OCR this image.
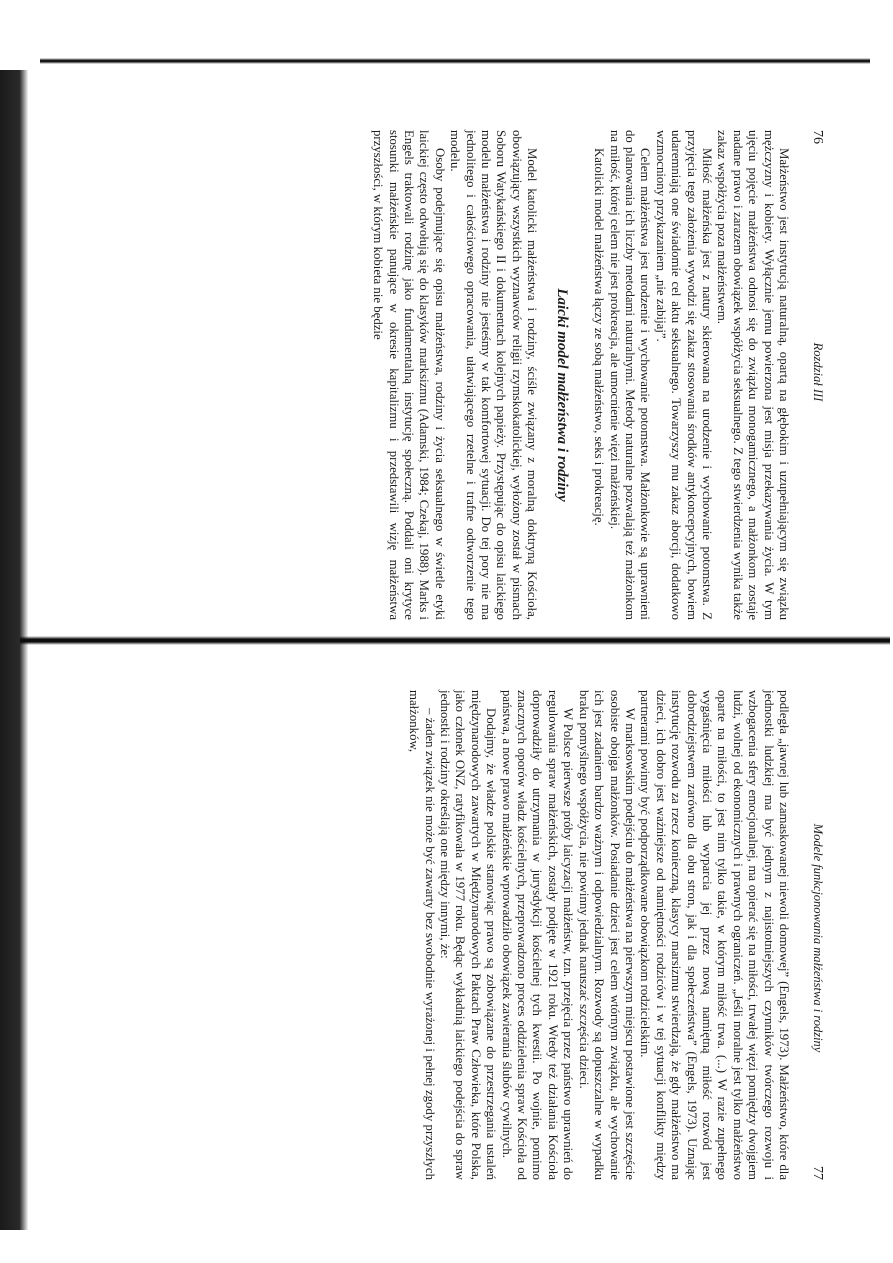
76
Rozdział III

Małżeństwo jest instytucją naturalną, opartą na głębokim i uzupełniającym się związku mężczyzny i kobiety. Wyłącznie jemu powierzona jest misja przekazywania życia. W tym ujęciu pojęcie małżeństwa odnosi się do związku monogamicznego, a małżonkom zostaje nadane prawo i zarazem obowiązek współżycia seksualnego. Z tego stwierdzenia wynika także zakaz współżycia poza małżeństwem.

Miłość małżeńska jest z natury skierowana na urodzenie i wychowanie potomstwa. Z przyjęcia tego założenia wywodzi się zakaz stosowania środków antykoncepcyjnych, bowiem udaremniają one świadomie cel aktu seksualnego. Towarzyszy mu zakaz aborcji, dodatkowo wzmocniony przykazaniem „nie zabijaj”.

Celem małżeństwa jest urodzenie i wychowanie potomstwa. Małżonkowie są uprawnieni do planowania ich liczby metodami naturalnymi. Metody naturalne pozwalają też małżonkom na miłość, której celem nie jest prokreacja, ale umocnienie więzi małżeńskiej.

Katolicki model małżeństwa łączy ze sobą małżeństwo, seks i prokreację.

Laicki model małżeństwa i rodziny

Model katolicki małżeństwa i rodziny, ściśle związany z moralną doktryną Kościoła, obowiązujący wszystkich wyznawców religii rzymskokatolickiej, wyłożony został w pismach Soboru Watykańskiego II i dokumentach kolejnych papieży. Przystępując do opisu laickiego modelu małżeństwa i rodziny nie jesteśmy w tak komfortowej sytuacji. Do tej pory nie ma jednolitego i całościowego opracowania, ułatwiającego rzetelne i trafne odtworzenie tego modelu.

Osoby podejmujące się opisu małżeństwa, rodziny i życia seksualnego w świetle etyki laickiej często odwołują się do klasyków marksizmu (Adamski, 1984; Czekaj, 1988). Marks i Engels traktowali rodzinę jako fundamentalną instytucję społeczną. Poddali oni krytyce stosunki małżeńskie panujące w okresie kapitalizmu i przedstawili wizję małżeństwa przyszłości, w którym kobieta nie będzie

Modele funkcjonowania małżeństwa i rodziny
77

podległa „jawnej lub zamaskowanej niewoli domowej” (Engels, 1973). Małżeństwo, które dla jednostki ludzkiej ma być jednym z najistotniejszych czynników twórczego rozwoju i wzbogacenia sfery emocjonalnej, ma opierać się na miłości, trwałej więzi pomiędzy dwojgiem ludzi, wolnej od ekonomicznych i prawnych ograniczeń. „Jeśli moralne jest tylko małżeństwo oparte na miłości, to jest nim tylko takie, w którym miłość trwa. (...) W razie zupełnego wygaśnięcia miłości lub wyparcia jej przez nową namiętną miłość rozwód jest dobrodziejstwem zarówno dla obu stron, jak i dla społeczeństwa” (Engels, 1973). Uznając instytucję rozwodu za rzecz konieczną, klasycy marsizmu stwierdzają, że gdy małżeństwo ma dzieci, ich dobro jest ważniejsze od namiętności rodziców i w tej sytuacji konflikty między partnerami powinny być podporządkowane obowiązkom rodzicielskim.

W marksowskim podejściu do małżeństwa na pierwszym miejscu postawione jest szczęście osobiste obojga małżonków. Posiadanie dzieci jest celem wtórnym związku, ale wychowanie ich jest zadaniem bardzo ważnym i odpowiedzialnym. Rozwody są dopuszczalne w wypadku braku pomyślnego współżycia, nie powinny jednak naruszać szczęścia dzieci.

W Polsce pierwsze próby laicyzacji małżeństw, tzn. przejęcia przez państwo uprawnień do regulowania spraw małżeńskich, zostały podjęte w 1921 roku. Wtedy też działania Kościoła doprowadziły do utrzymania w jurysdykcji kościelnej tych kwestii. Po wojnie, pomimo znacznych oporów władz kościelnych, przeprowadzono proces oddzielenia spraw Kościoła od państwa, a nowe prawo małżeńskie wprowadziło obowiązek zawierania ślubów cywilnych.

Dodajmy, że władze polskie stanowiąc prawo są zobowiązane do przestrzegania ustaleń międzynarodowych zawartych w Międzynarodowych Paktach Praw Człowieka, które Polska, jako członek ONZ, ratyfikowała w 1977 roku. Będąc wykładnią laickiego podejścia do spraw jednostki i rodziny określają one między innymi, że:

– żaden związek nie może być zawarty bez swobodnie wyrażonej i pełnej zgody przyszłych małżonków,
